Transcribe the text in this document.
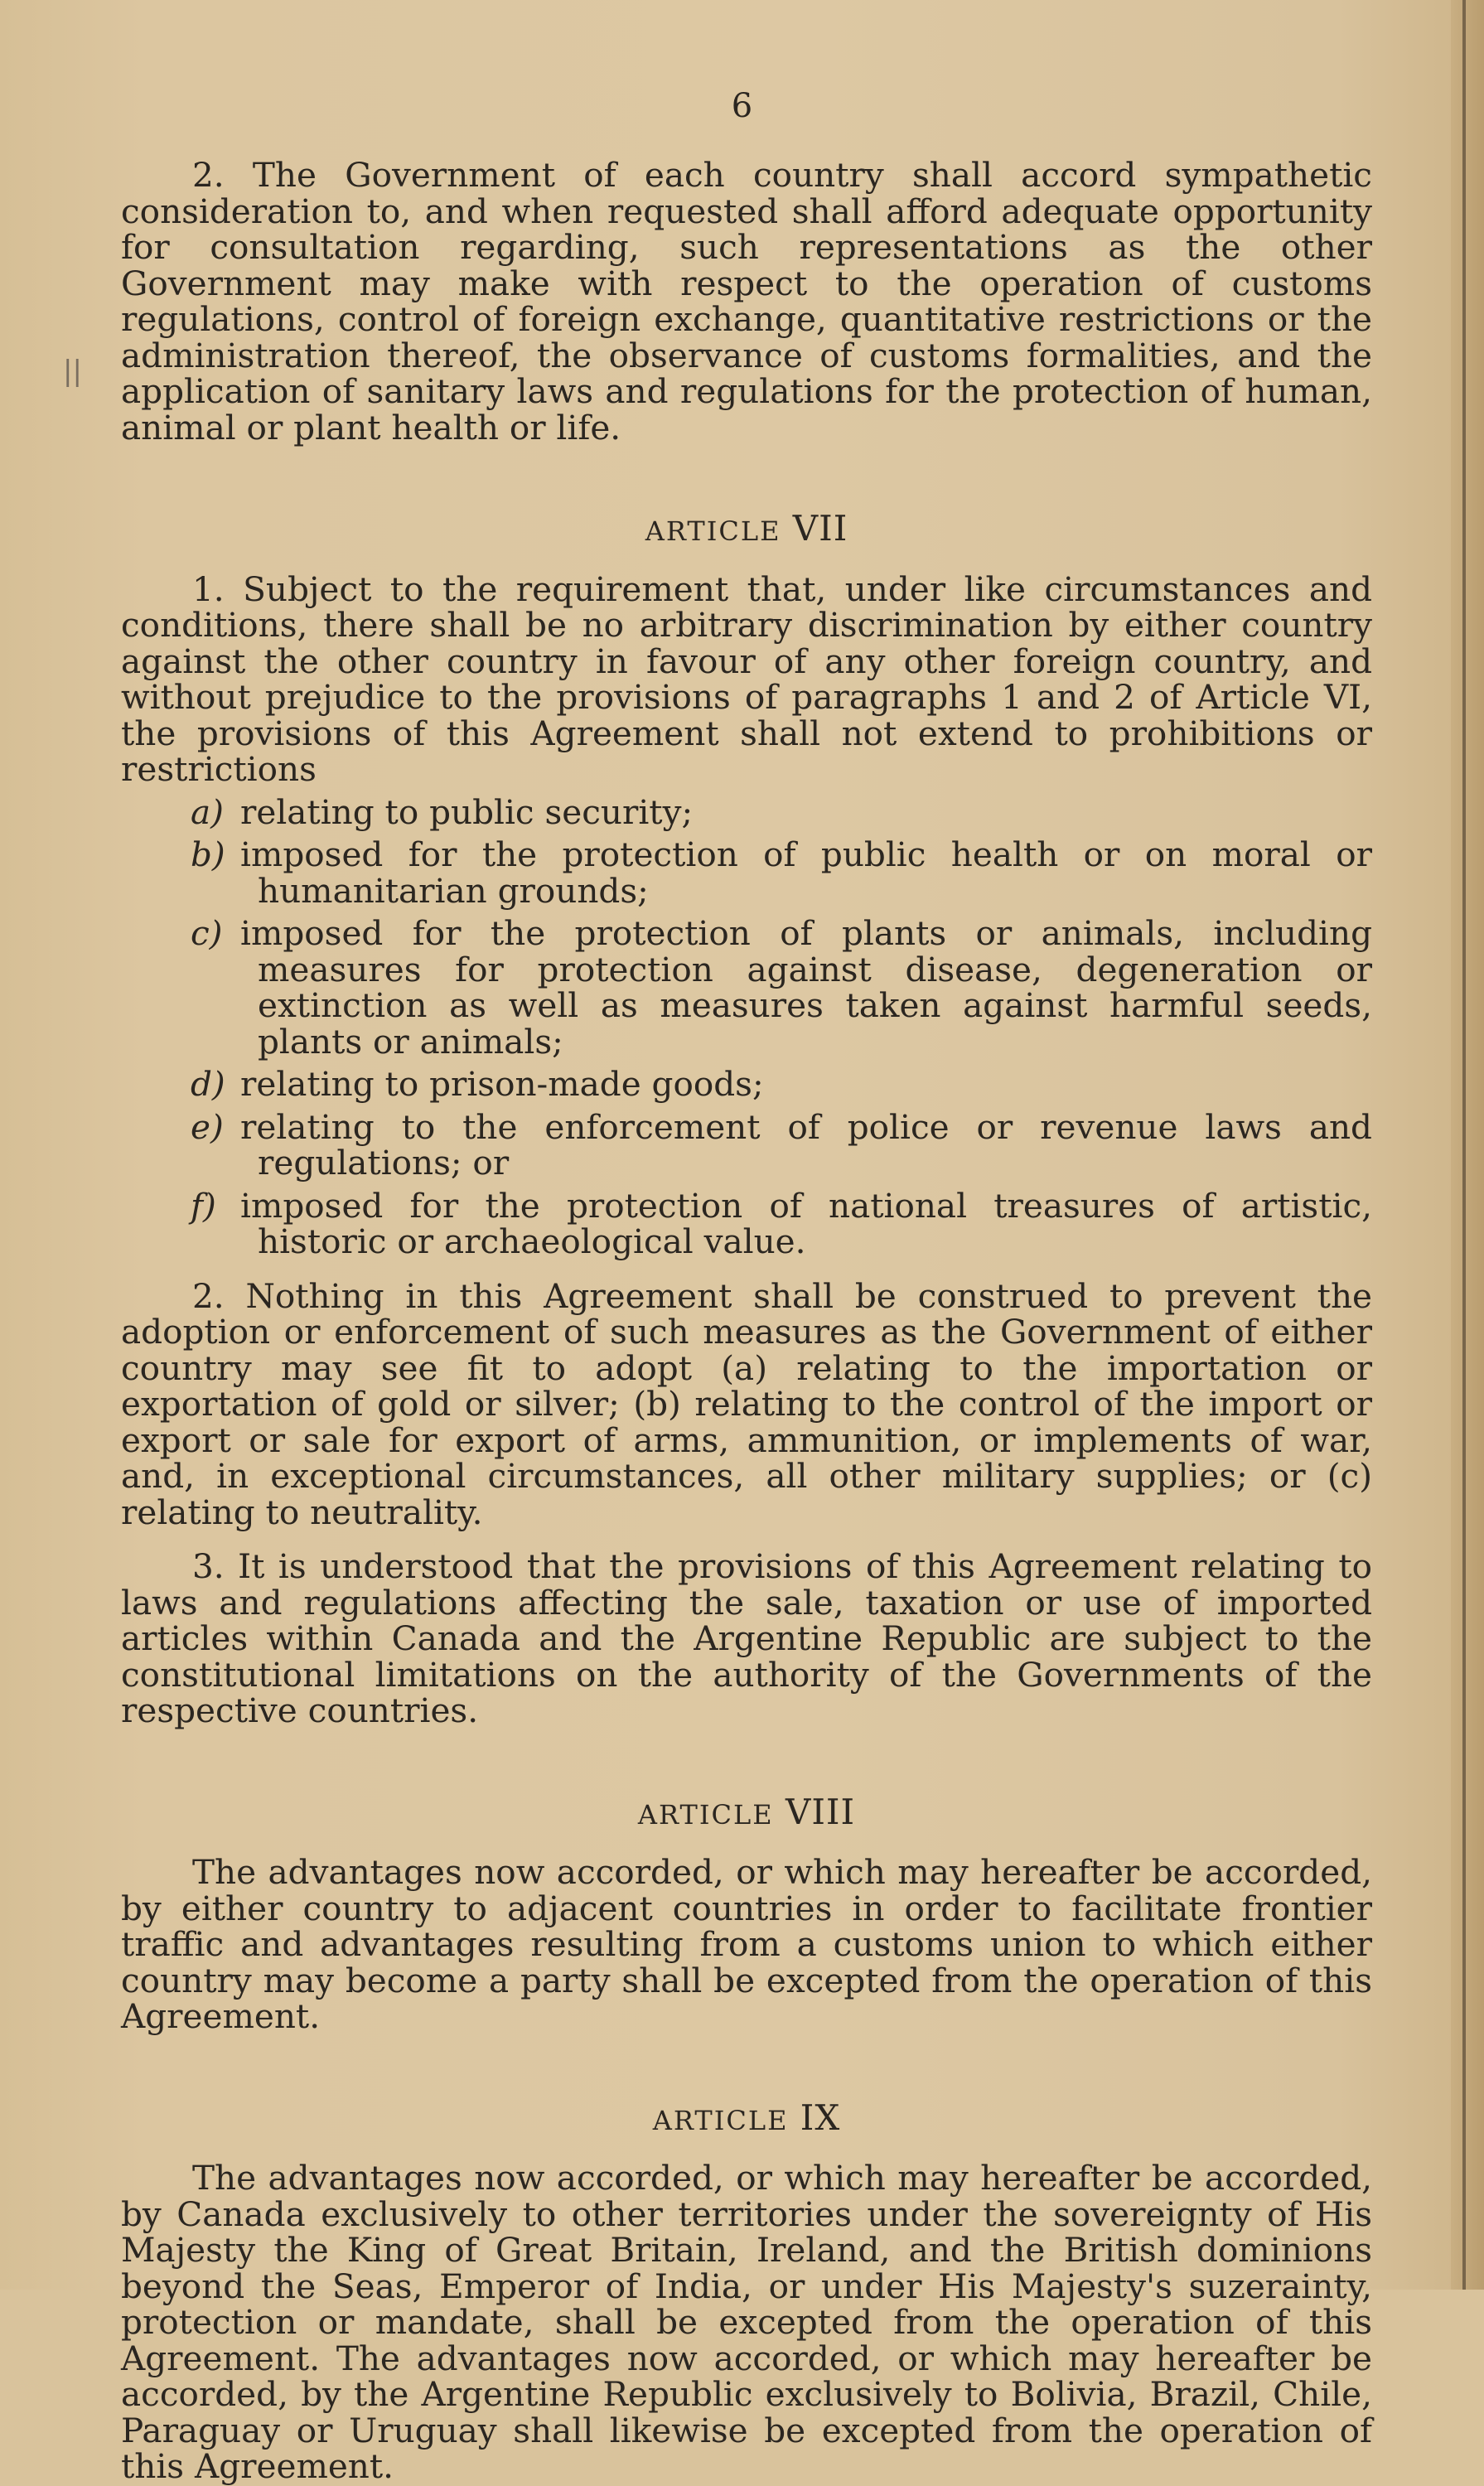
6
||

2. The Government of each country shall accord sympathetic consideration to, and when requested shall afford adequate opportunity for consultation regarding, such representations as the other Government may make with respect to the operation of customs regulations, control of foreign exchange, quantitative restrictions or the administration thereof, the observance of customs formalities, and the application of sanitary laws and regulations for the protection of human, animal or plant health or life.

ARTICLE VII

1. Subject to the requirement that, under like circumstances and conditions, there shall be no arbitrary discrimination by either country against the other country in favour of any other foreign country, and without prejudice to the provisions of paragraphs 1 and 2 of Article VI, the provisions of this Agreement shall not extend to prohibitions or restrictions

a) relating to public security;

b) imposed for the protection of public health or on moral or humanitarian grounds;

c) imposed for the protection of plants or animals, including measures for protection against disease, degeneration or extinction as well as measures taken against harmful seeds, plants or animals;

d) relating to prison-made goods;

e) relating to the enforcement of police or revenue laws and regulations; or

f) imposed for the protection of national treasures of artistic, historic or archaeological value.

2. Nothing in this Agreement shall be construed to prevent the adoption or enforcement of such measures as the Government of either country may see fit to adopt (a) relating to the importation or exportation of gold or silver; (b) relating to the control of the import or export or sale for export of arms, ammunition, or implements of war, and, in exceptional circumstances, all other military supplies; or (c) relating to neutrality.

3. It is understood that the provisions of this Agreement relating to laws and regulations affecting the sale, taxation or use of imported articles within Canada and the Argentine Republic are subject to the constitutional limitations on the authority of the Governments of the respective countries.

ARTICLE VIII

The advantages now accorded, or which may hereafter be accorded, by either country to adjacent countries in order to facilitate frontier traffic and advantages resulting from a customs union to which either country may become a party shall be excepted from the operation of this Agreement.

ARTICLE IX

The advantages now accorded, or which may hereafter be accorded, by Canada exclusively to other territories under the sovereignty of His Majesty the King of Great Britain, Ireland, and the British dominions beyond the Seas, Emperor of India, or under His Majesty's suzerainty, protection or mandate, shall be excepted from the operation of this Agreement. The advantages now accorded, or which may hereafter be accorded, by the Argentine Republic exclusively to Bolivia, Brazil, Chile, Paraguay or Uruguay shall likewise be excepted from the operation of this Agreement.
